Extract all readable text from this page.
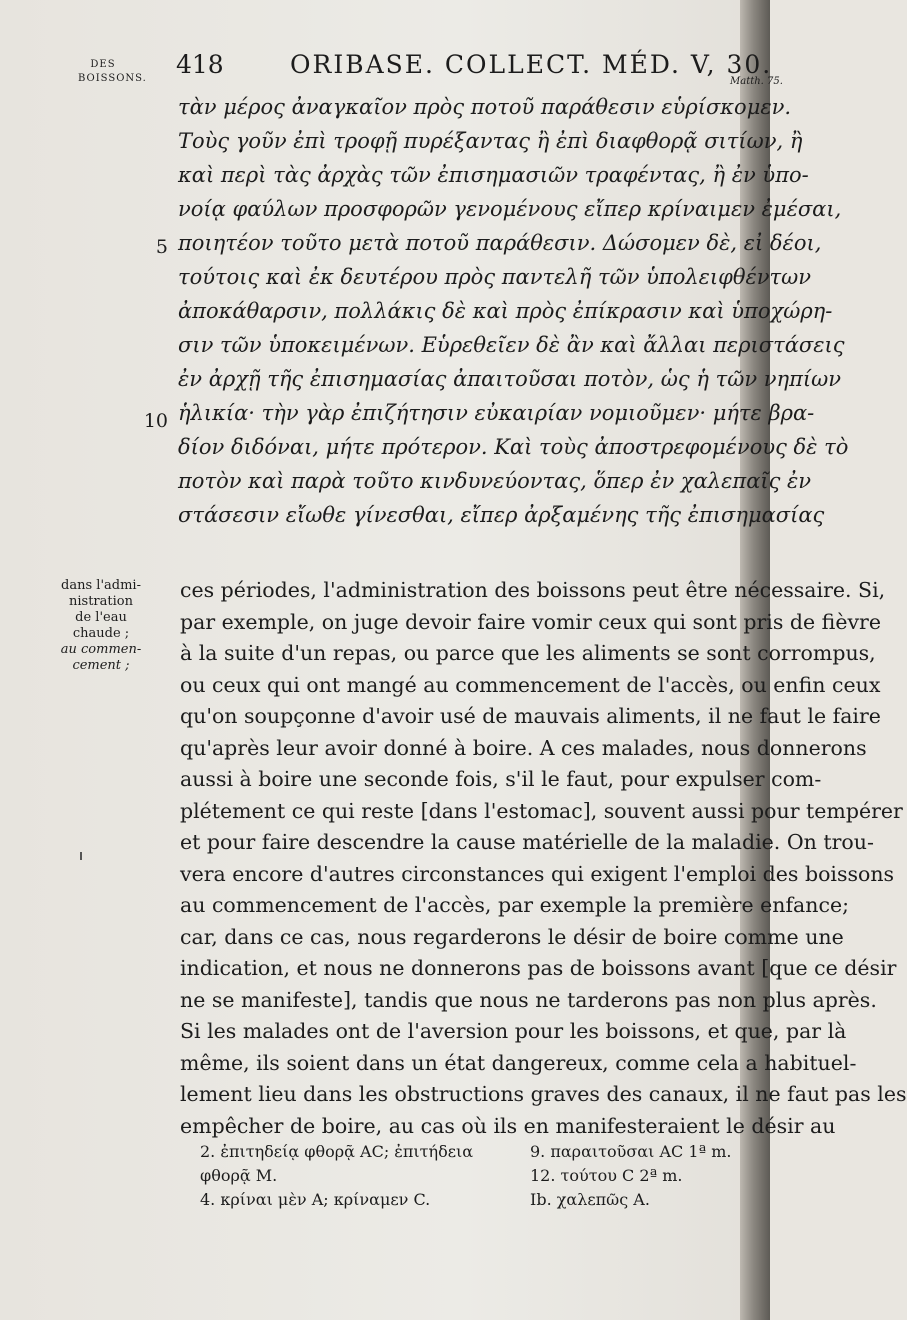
DES
BOISSONS. 418	ORIBASE. COLLECT. MÉD. V, 30.
Matth. 75.
τὰν μέρος ἀναγκαῖον πρὸς ποτοῦ παράθεσιν εὑρίσκομεν.
Τοὺς γοῦν ἐπὶ τροφῇ πυρέξαντας ἢ ἐπὶ διαφθορᾷ σιτίων, ἢ
καὶ περὶ τὰς ἀρχὰς τῶν ἐπισημασιῶν τραφέντας, ἢ ἐν ὑπο-
νοίᾳ φαύλων προσφορῶν γενομένους εἴπερ κρίναιμεν ἐμέσαι,
ποιητέον τοῦτο μετὰ ποτοῦ παράθεσιν. Δώσομεν δὲ, εἰ δέοι,
τούτοις καὶ ἐκ δευτέρου πρὸς παντελῆ τῶν ὑπολειφθέντων
ἀποκάθαρσιν, πολλάκις δὲ καὶ πρὸς ἐπίκρασιν καὶ ὑποχώρη-
σιν τῶν ὑποκειμένων. Εὑρεθεῖεν δὲ ἂν καὶ ἄλλαι περιστάσεις
ἐν ἀρχῇ τῆς ἐπισημασίας ἀπαιτοῦσαι ποτὸν, ὡς ἡ τῶν νηπίων
ἡλικία· τὴν γὰρ ἐπιζήτησιν εὐκαιρίαν νομιοῦμεν· μήτε βρα-
δίον διδόναι, μήτε πρότερον. Καὶ τοὺς ἀποστρεφομένους δὲ τὸ
ποτὸν καὶ παρὰ τοῦτο κινδυνεύοντας, ὅπερ ἐν χαλεπαῖς ἐν
στάσεσιν εἴωθε γίνεσθαι, εἴπερ ἀρξαμένης τῆς ἐπισημασίας
5
10
dans l'admi-
nistration
de l'eau
chaude ;
au commen-
cement ;
ces périodes, l'administration des boissons peut être nécessaire. Si,
par exemple, on juge devoir faire vomir ceux qui sont pris de fièvre
à la suite d'un repas, ou parce que les aliments se sont corrompus,
ou ceux qui ont mangé au commencement de l'accès, ou enfin ceux
qu'on soupçonne d'avoir usé de mauvais aliments, il ne faut le faire
qu'après leur avoir donné à boire. A ces malades, nous donnerons
aussi à boire une seconde fois, s'il le faut, pour expulser com-
plétement ce qui reste [dans l'estomac], souvent aussi pour tempérer
et pour faire descendre la cause matérielle de la maladie. On trou-
vera encore d'autres circonstances qui exigent l'emploi des boissons
au commencement de l'accès, par exemple la première enfance;
car, dans ce cas, nous regarderons le désir de boire comme une
indication, et nous ne donnerons pas de boissons avant [que ce désir
ne se manifeste], tandis que nous ne tarderons pas non plus après.
Si les malades ont de l'aversion pour les boissons, et que, par là
même, ils soient dans un état dangereux, comme cela a habituel-
lement lieu dans les obstructions graves des canaux, il ne faut pas les
empêcher de boire, au cas où ils en manifesteraient le désir au
2. ἐπιτηδείᾳ φθορᾷ AC; ἐπιτήδεια
φθορᾷ M.
4. κρίναι μὲν A; κρίναμεν C.
9. παραιτοῦσαι AC 1ª m.
12. τούτου C 2ª m.
Ib. χαλεπῶς A.
